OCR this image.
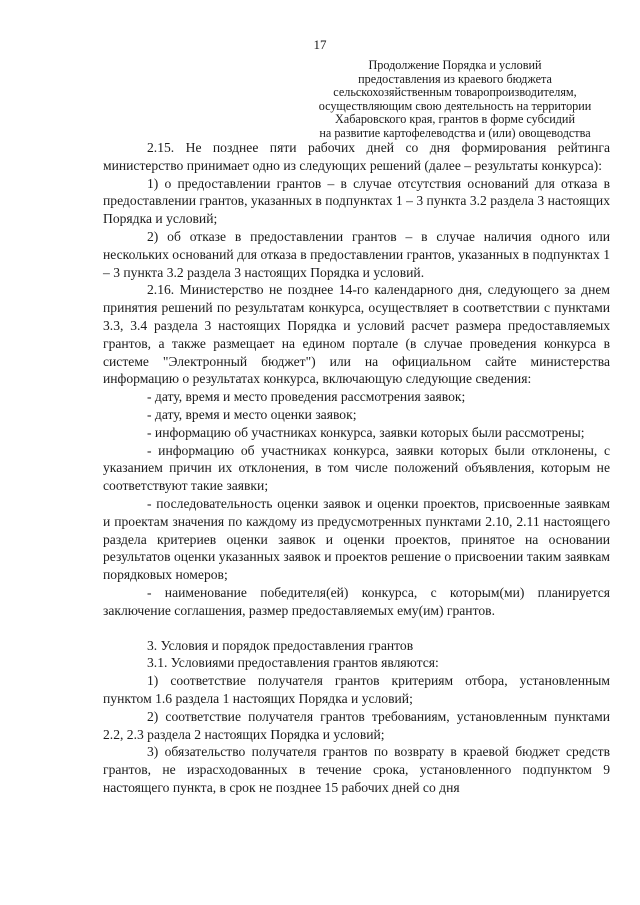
17
Продолжение Порядка и условий
предоставления из краевого бюджета
сельскохозяйственным товаропроизводителям,
осуществляющим свою деятельность на территории
Хабаровского края, грантов в форме субсидий
на развитие картофелеводства и (или) овощеводства

2.15. Не позднее пяти рабочих дней со дня формирования рейтинга министерство принимает одно из следующих решений (далее – результаты конкурса):

1) о предоставлении грантов – в случае отсутствия оснований для отказа в предоставлении грантов, указанных в подпунктах 1 – 3 пункта 3.2 раздела 3 настоящих Порядка и условий;

2) об отказе в предоставлении грантов – в случае наличия одного или нескольких оснований для отказа в предоставлении грантов, указанных в подпунктах 1 – 3 пункта 3.2 раздела 3 настоящих Порядка и условий.

2.16. Министерство не позднее 14-го календарного дня, следующего за днем принятия решений по результатам конкурса, осуществляет в соответствии с пунктами 3.3, 3.4 раздела 3 настоящих Порядка и условий расчет размера предоставляемых грантов, а также размещает на едином портале (в случае проведения конкурса в системе "Электронный бюджет") или на официальном сайте министерства информацию о результатах конкурса, включающую следующие сведения:

- дату, время и место проведения рассмотрения заявок;

- дату, время и место оценки заявок;

- информацию об участниках конкурса, заявки которых были рассмотрены;

- информацию об участниках конкурса, заявки которых были отклонены, с указанием причин их отклонения, в том числе положений объявления, которым не соответствуют такие заявки;

- последовательность оценки заявок и оценки проектов, присвоенные заявкам и проектам значения по каждому из предусмотренных пунктами 2.10, 2.11 настоящего раздела критериев оценки заявок и оценки проектов, принятое на основании результатов оценки указанных заявок и проектов решение о присвоении таким заявкам порядковых номеров;

- наименование победителя(ей) конкурса, с которым(ми) планируется заключение соглашения, размер предоставляемых ему(им) грантов.

3. Условия и порядок предоставления грантов

3.1. Условиями предоставления грантов являются:

1) соответствие получателя грантов критериям отбора, установленным пунктом 1.6 раздела 1 настоящих Порядка и условий;

2) соответствие получателя грантов требованиям, установленным пунктами 2.2, 2.3 раздела 2 настоящих Порядка и условий;

3) обязательство получателя грантов по возврату в краевой бюджет средств грантов, не израсходованных в течение срока, установленного подпунктом 9 настоящего пункта, в срок не позднее 15 рабочих дней со дня
